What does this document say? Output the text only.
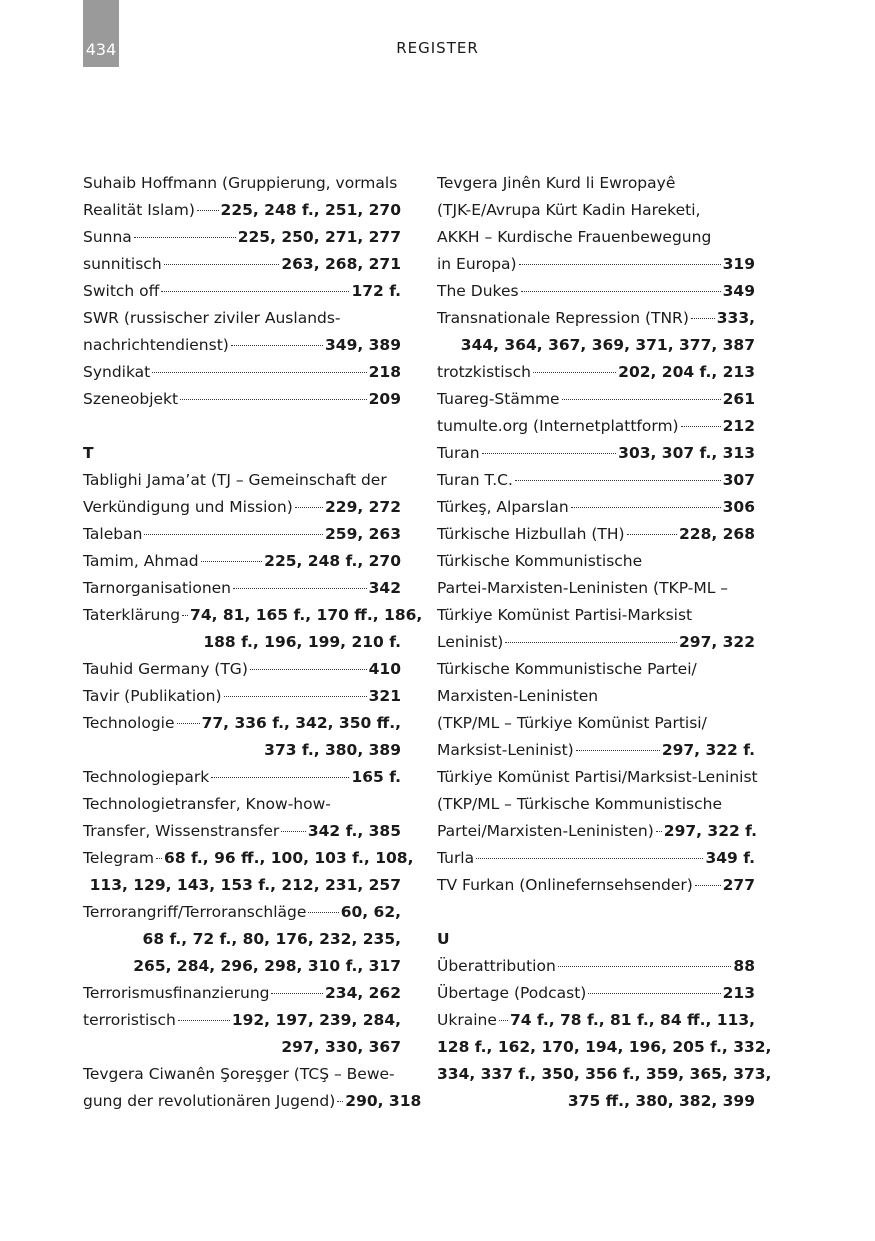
434	REGISTER
Suhaib Hoffmann (Gruppierung, vormals
Realität Islam) 225, 248 f., 251, 270
Sunna	225, 250, 271, 277
sunnitisch	263, 268, 271
Switch off	172 f.
SWR (russischer ziviler Auslands-
nachrichtendienst)	349, 389
Syndikat	218
Szeneobjekt	209
T
Tablighi Jama’at (TJ – Gemeinschaft der
Verkündigung und Mission) 229, 272
Taleban	259, 263
Tamim, Ahmad	225, 248 f., 270
Tarnorganisationen	342
Taterklärung 74, 81, 165 f., 170 ff., 186,
188 f., 196, 199, 210 f.
Tauhid Germany (TG)	410
Tavir (Publikation)	321
Technologie 77, 336 f., 342, 350 ff.,
373 f., 380, 389
Technologiepark	165 f.
Technologietransfer, Know-how-
Transfer, Wissenstransfer 342 f., 385
Telegram 68 f., 96 ff., 100, 103 f., 108,
113, 129, 143, 153 f., 212, 231, 257
Terrorangriff/Terroranschläge 60, 62,
68 f., 72 f., 80, 176, 232, 235,
265, 284, 296, 298, 310 f., 317
Terrorismusfinanzierung	234, 262
terroristisch	192, 197, 239, 284,
297, 330, 367
Tevgera Ciwanên Şoreşger (TCŞ – Bewe-
gung der revolutionären Jugend) 290, 318
Tevgera Jinên Kurd li Ewropayê
(TJK-E/Avrupa Kürt Kadin Hareketi,
AKKH – Kurdische Frauenbewegung
in Europa)	319
The Dukes	349
Transnationale Repression (TNR) 333,
344, 364, 367, 369, 371, 377, 387
trotzkistisch	202, 204 f., 213
Tuareg-Stämme	261
tumulte.org (Internetplattform)	212
Turan	303, 307 f., 313
Turan T.C.	307
Türkeş, Alparslan	306
Türkische Hizbullah (TH)	228, 268
Türkische Kommunistische
Partei-Marxisten-Leninisten (TKP-ML –
Türkiye Komünist Partisi-Marksist
Leninist)	297, 322
Türkische Kommunistische Partei/
Marxisten-Leninisten
(TKP/ML – Türkiye Komünist Partisi/
Marksist-Leninist)	297, 322 f.
Türkiye Komünist Partisi/Marksist-Leninist
(TKP/ML – Türkische Kommunistische
Partei/Marxisten-Leninisten) 297, 322 f.
Turla	349 f.
TV Furkan (Onlinefernsehsender) 277
U
Überattribution	88
Übertage (Podcast)	213
Ukraine 74 f., 78 f., 81 f., 84 ff., 113,
128 f., 162, 170, 194, 196, 205 f., 332,
334, 337 f., 350, 356 f., 359, 365, 373,
375 ff., 380, 382, 399
